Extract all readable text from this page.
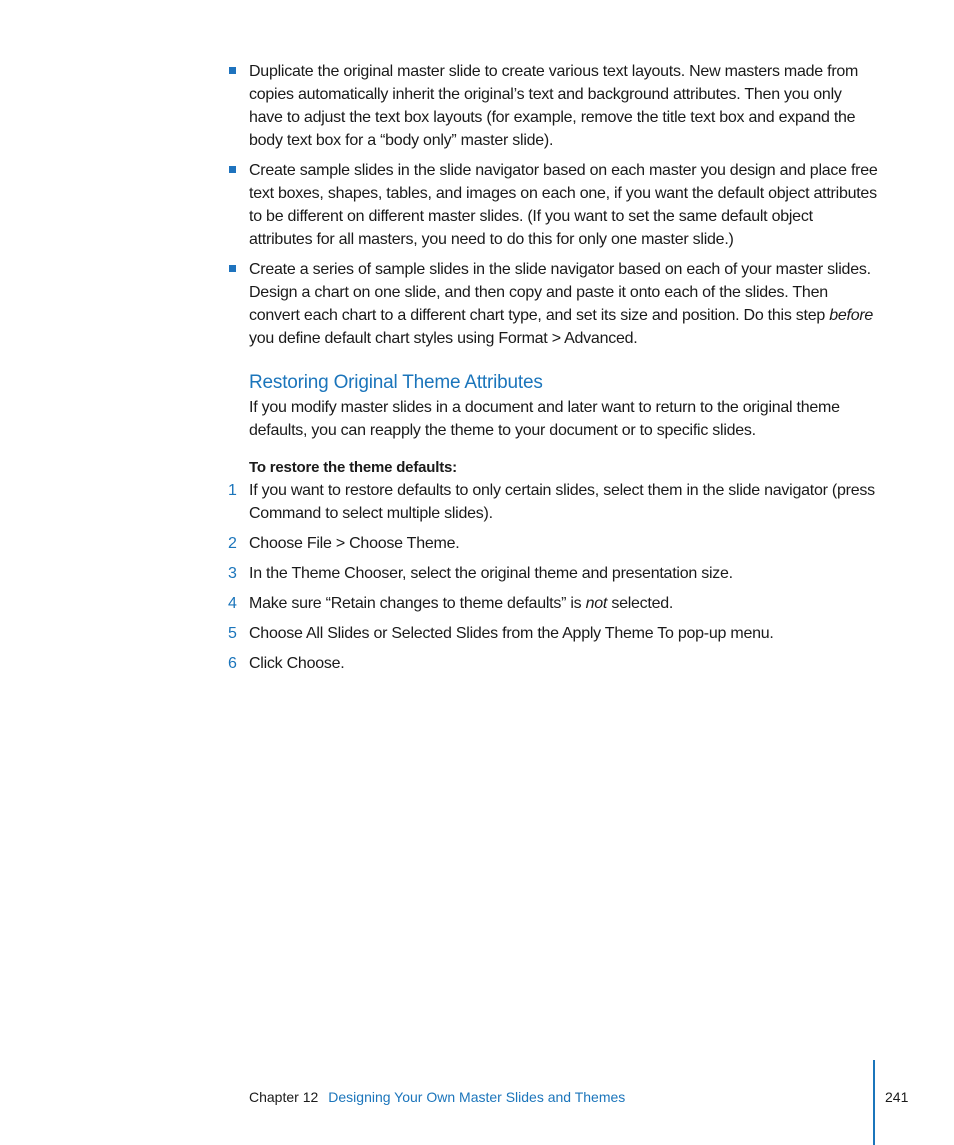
Duplicate the original master slide to create various text layouts. New masters made from copies automatically inherit the original’s text and background attributes. Then you only have to adjust the text box layouts (for example, remove the title text box and expand the body text box for a “body only” master slide).

Create sample slides in the slide navigator based on each master you design and place free text boxes, shapes, tables, and images on each one, if you want the default object attributes to be different on different master slides. (If you want to set the same default object attributes for all masters, you need to do this for only one master slide.)

Create a series of sample slides in the slide navigator based on each of your master slides. Design a chart on one slide, and then copy and paste it onto each of the slides. Then convert each chart to a different chart type, and set its size and position. Do this step before you define default chart styles using Format > Advanced.

Restoring Original Theme Attributes

If you modify master slides in a document and later want to return to the original theme defaults, you can reapply the theme to your document or to specific slides.

To restore the theme defaults:
1 If you want to restore defaults to only certain slides, select them in the slide navigator (press Command to select multiple slides).

2 Choose File > Choose Theme.

3 In the Theme Chooser, select the original theme and presentation size.

4 Make sure “Retain changes to theme defaults” is not selected.

5 Choose All Slides or Selected Slides from the Apply Theme To pop-up menu.

6 Click Choose.

Chapter 12 Designing Your Own Master Slides and Themes	241
